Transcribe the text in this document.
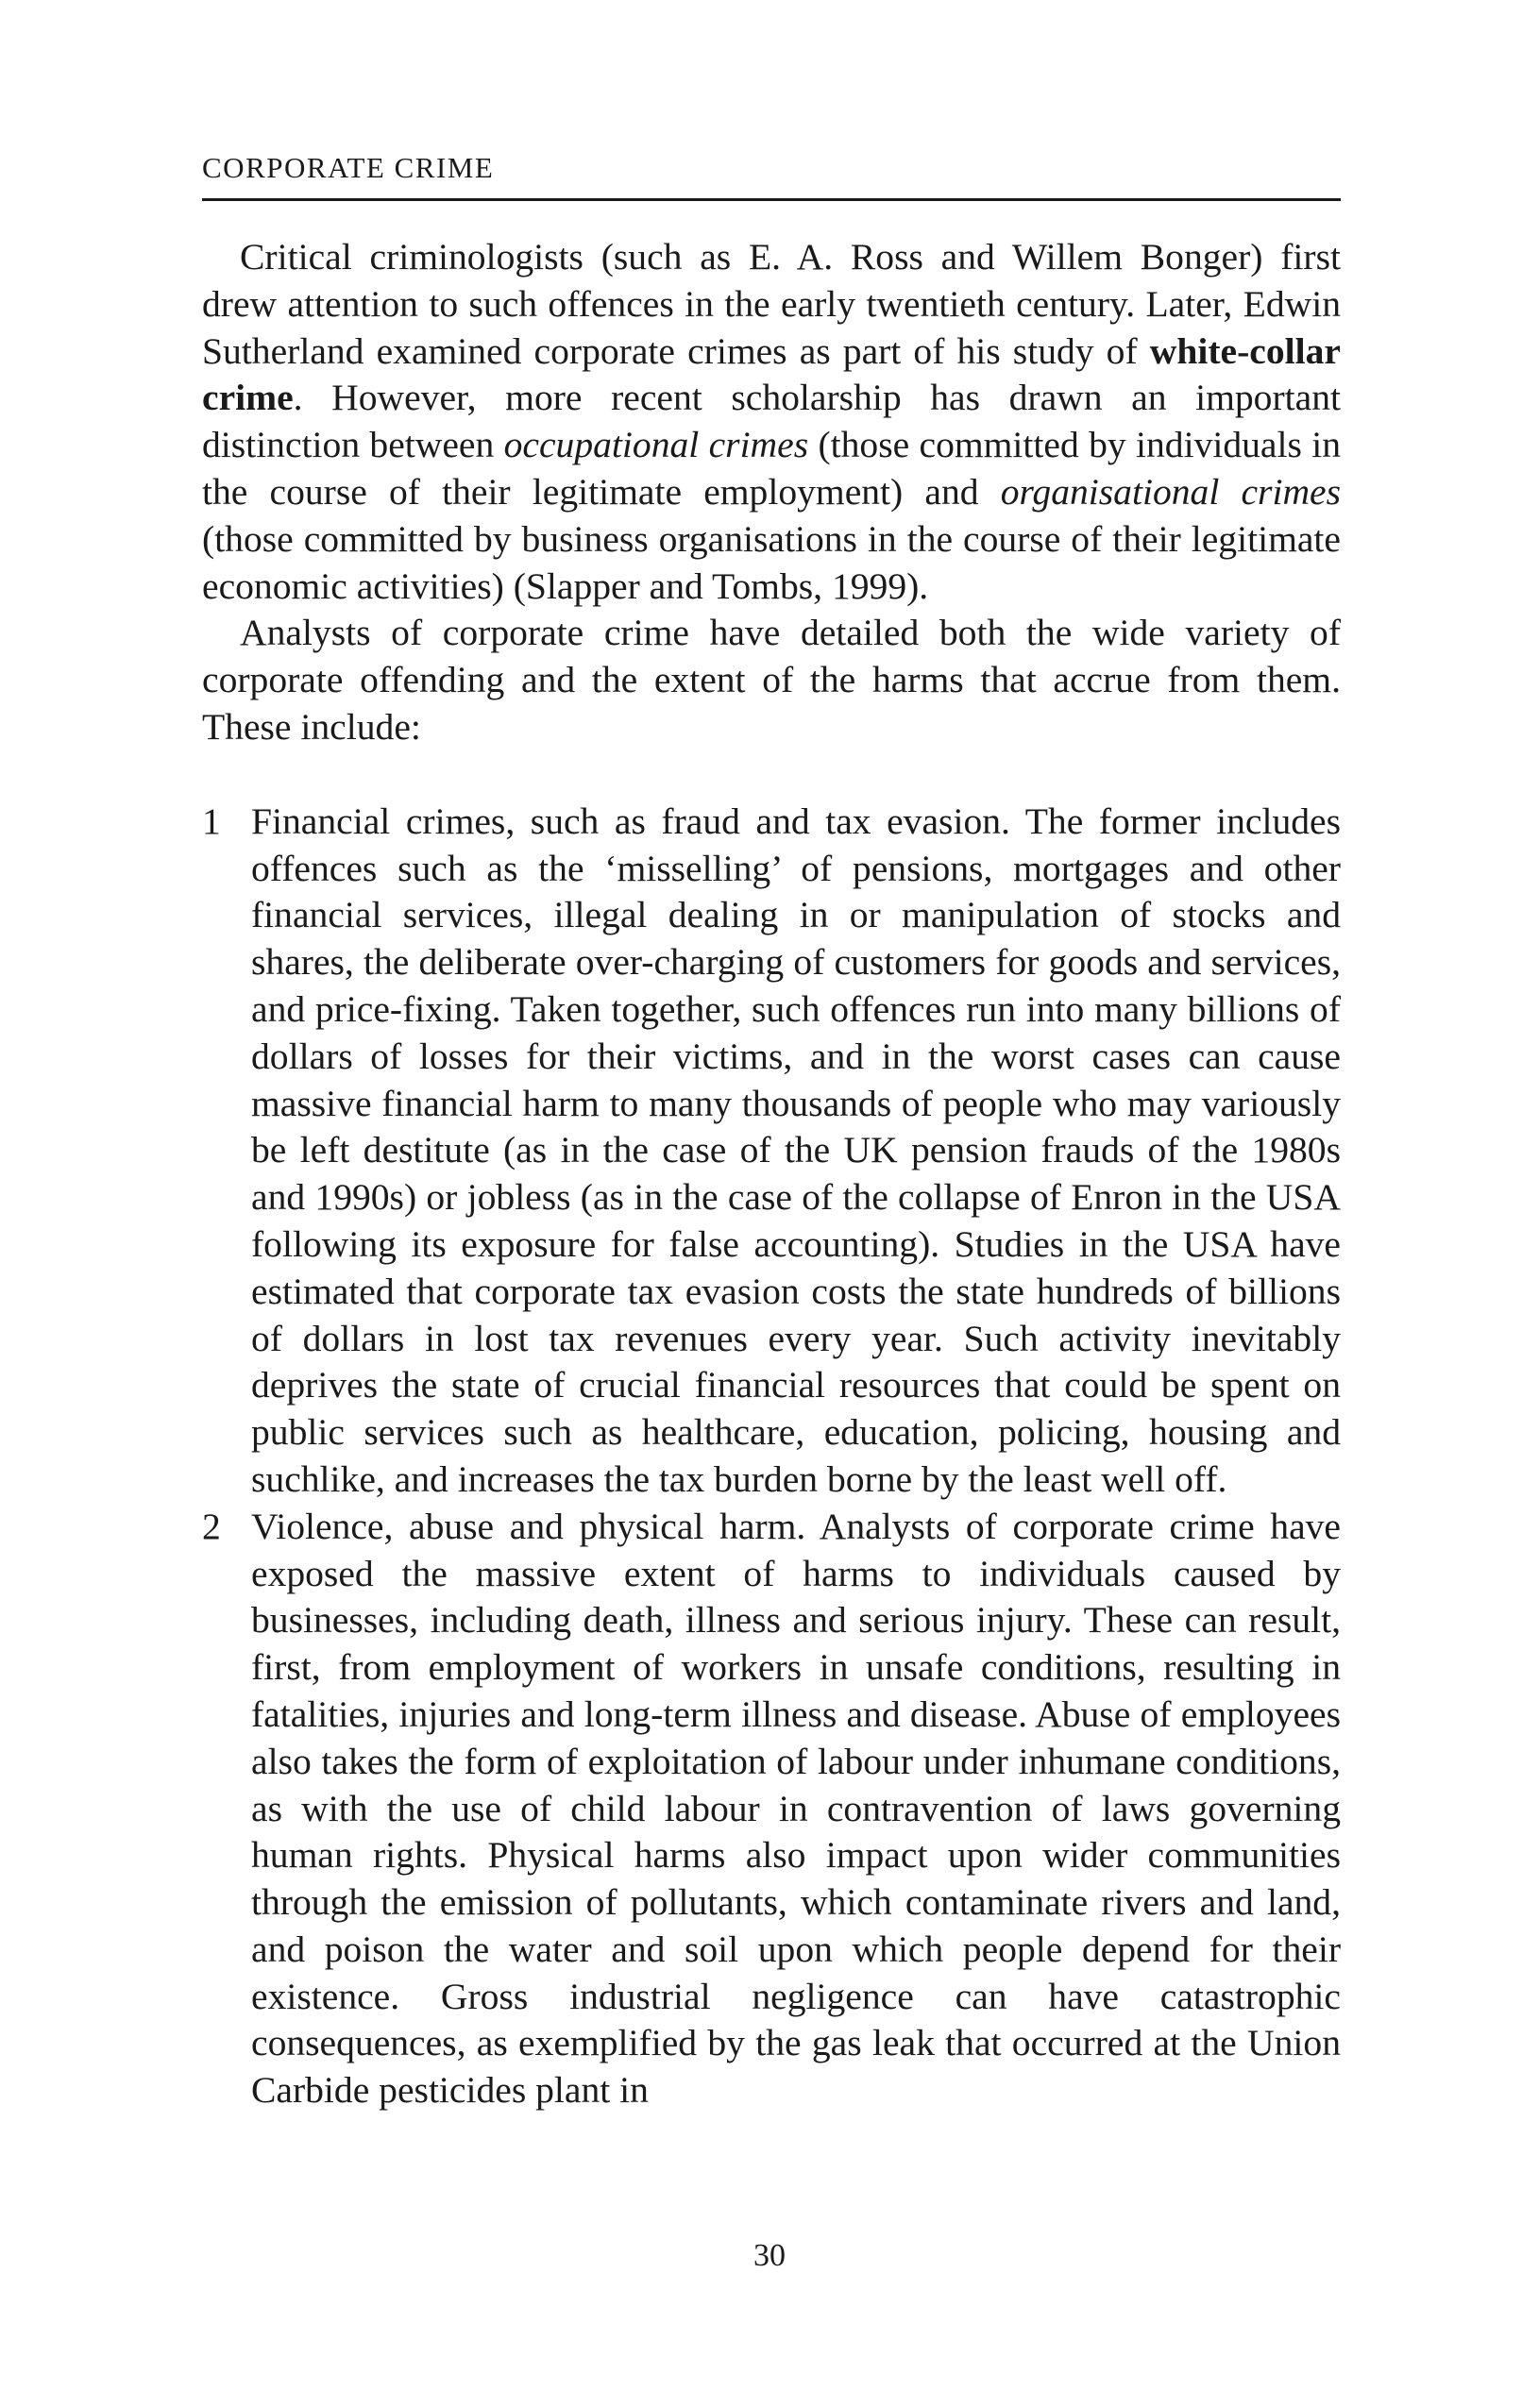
CORPORATE CRIME

Critical criminologists (such as E. A. Ross and Willem Bonger) first drew attention to such offences in the early twentieth century. Later, Edwin Sutherland examined corporate crimes as part of his study of white-collar crime. However, more recent scholarship has drawn an important distinction between occupational crimes (those committed by individuals in the course of their legitimate employment) and organisational crimes (those committed by business organisations in the course of their legitimate economic activities) (Slapper and Tombs, 1999).

Analysts of corporate crime have detailed both the wide variety of corporate offending and the extent of the harms that accrue from them. These include:

1 Financial crimes, such as fraud and tax evasion. The former includes offences such as the ‘misselling’ of pensions, mortgages and other financial services, illegal dealing in or manipulation of stocks and shares, the deliberate over-charging of customers for goods and services, and price-fixing. Taken together, such offences run into many billions of dollars of losses for their victims, and in the worst cases can cause massive financial harm to many thousands of people who may variously be left destitute (as in the case of the UK pension frauds of the 1980s and 1990s) or jobless (as in the case of the collapse of Enron in the USA following its exposure for false accounting). Studies in the USA have estimated that corporate tax evasion costs the state hundreds of billions of dollars in lost tax revenues every year. Such activity inevitably deprives the state of crucial financial resources that could be spent on public services such as healthcare, education, policing, housing and suchlike, and increases the tax burden borne by the least well off.
2 Violence, abuse and physical harm. Analysts of corporate crime have exposed the massive extent of harms to individuals caused by businesses, including death, illness and serious injury. These can result, first, from employment of workers in unsafe conditions, resulting in fatalities, injuries and long-term illness and disease. Abuse of employees also takes the form of exploitation of labour under inhumane conditions, as with the use of child labour in contravention of laws governing human rights. Physical harms also impact upon wider communities through the emission of pollutants, which contaminate rivers and land, and poison the water and soil upon which people depend for their existence. Gross industrial negligence can have catastrophic consequences, as exemplified by the gas leak that occurred at the Union Carbide pesticides plant in
30
